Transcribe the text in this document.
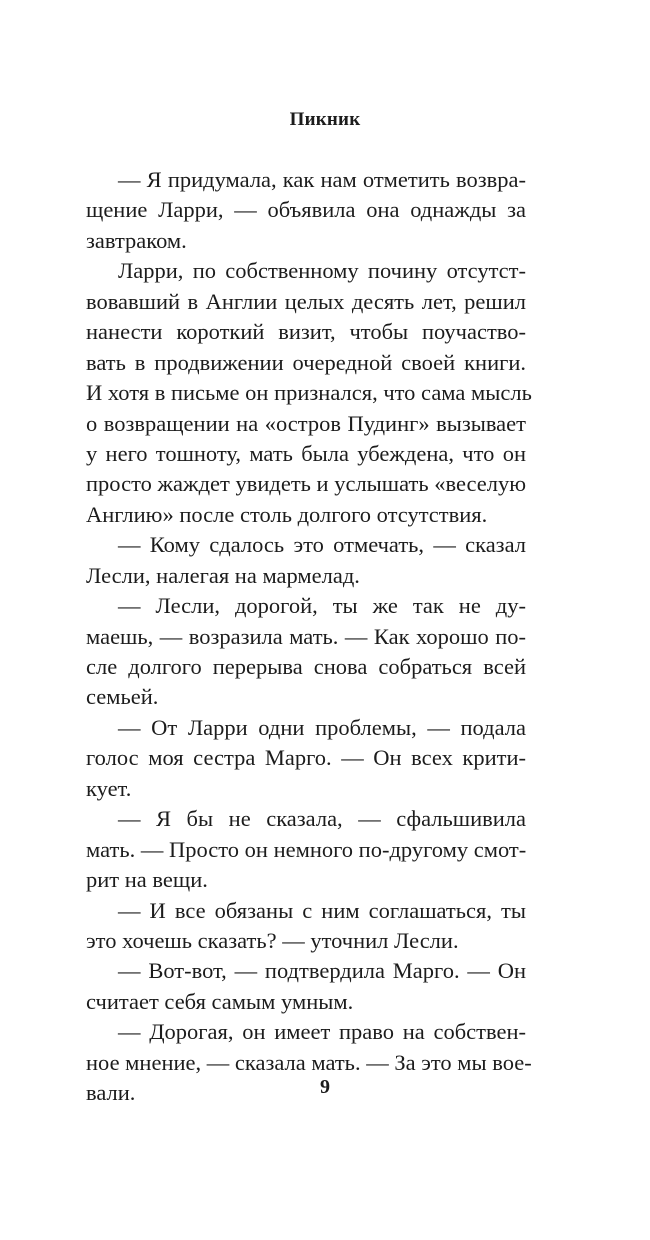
Пикник
— Я придумала, как нам отметить возвра-
щение Ларри, — объявила она однажды за
завтраком.
Ларри, по собственному почину отсутст-
вовавший в Англии целых десять лет, решил
нанести короткий визит, чтобы поучаство-
вать в продвижении очередной своей книги.
И хотя в письме он признался, что сама мысль
о возвращении на «остров Пудинг» вызывает
у него тошноту, мать была убеждена, что он
просто жаждет увидеть и услышать «веселую
Англию» после столь долгого отсутствия.
— Кому сдалось это отмечать, — сказал
Лесли, налегая на мармелад.
— Лесли, дорогой, ты же так не ду-
маешь, — возразила мать. — Как хорошо по-
сле долгого перерыва снова собраться всей
семьей.
— От Ларри одни проблемы, — подала
голос моя сестра Марго. — Он всех крити-
кует.
— Я бы не сказала, — сфальшивила
мать. — Просто он немного по-другому смот-
рит на вещи.
— И все обязаны с ним соглашаться, ты
это хочешь сказать? — уточнил Лесли.
— Вот-вот, — подтвердила Марго. — Он
считает себя самым умным.
— Дорогая, он имеет право на собствен-
ное мнение, — сказала мать. — За это мы вое-
вали.	9
